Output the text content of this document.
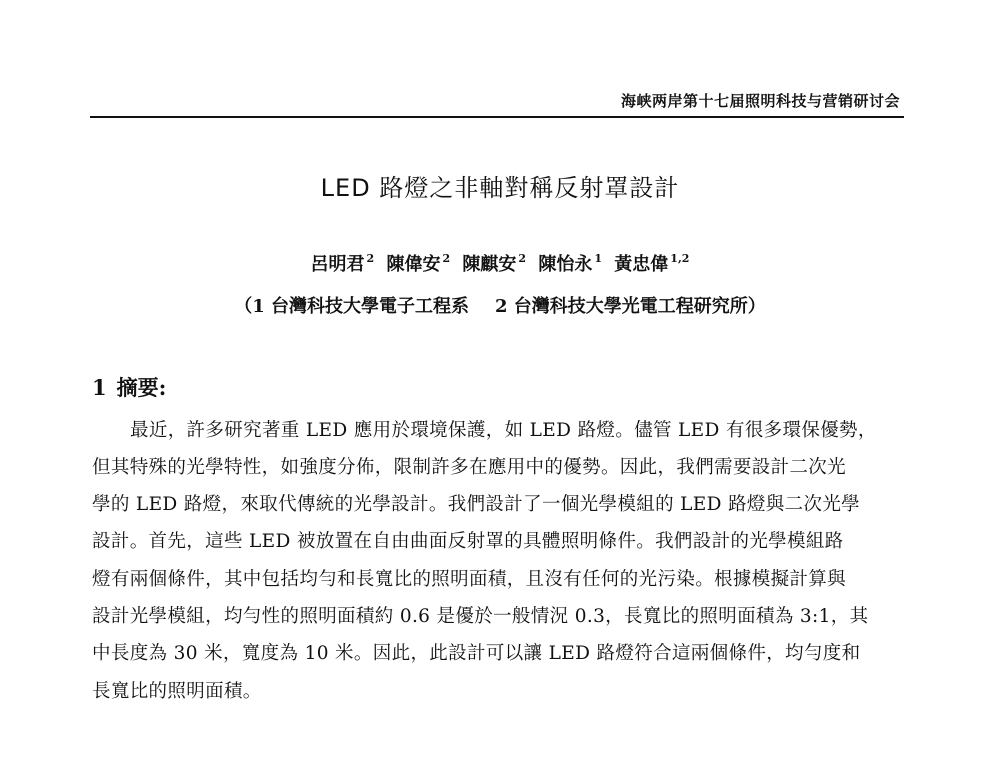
海峡两岸第十七届照明科技与营销研讨会
LED 路燈之非軸對稱反射罩設計
呂明君 $^2$ 陳偉安 $^2$ 陳麒安 $^2$ 陳怡永 $^1$ 黃忠偉 $^{1,2}$
（1 台灣科技大學電子工程系 2 台灣科技大學光電工程研究所）
1 摘要:
最近，許多研究著重 LED 應用於環境保護，如 LED 路燈。儘管 LED 有很多環保優勢，
但其特殊的光學特性，如強度分佈，限制許多在應用中的優勢。因此，我們需要設計二次光
學的 LED 路燈，來取代傳統的光學設計。我們設計了一個光學模組的 LED 路燈與二次光學
設計。首先，這些 LED 被放置在自由曲面反射罩的具體照明條件。我們設計的光學模組路
燈有兩個條件，其中包括均勻和長寬比的照明面積，且沒有任何的光污染。根據模擬計算與
設計光學模組，均勻性的照明面積約 0.6 是優於一般情況 0.3，長寬比的照明面積為 3:1，其
中長度為 30 米，寬度為 10 米。因此，此設計可以讓 LED 路燈符合這兩個條件，均勻度和
長寬比的照明面積。
